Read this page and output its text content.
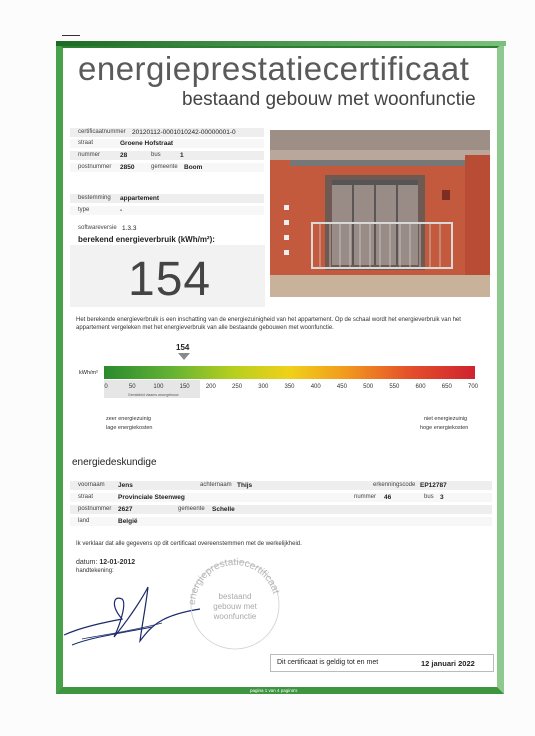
energieprestatiecertificaat
bestaand gebouw met woonfunctie
certificaatnummer 20120112-0001010242-00000001-0
straat	Groene Hofstraat
nummer	28	bus	1
postnummer 2850	gemeente Boom
bestemming appartement
type	-
softwareversie 1.3.3
berekend energieverbruik (kWh/m²):
154
Het berekende energieverbruik is een inschatting van de energiezuinigheid van het appartement. Op de schaal wordt het energieverbruik van het appartement vergeleken met het energieverbruik van alle bestaande gebouwen met woonfunctie.
154
kWh/m²
0	50	100	150	200	250	300	350	400	450	500	550	600	650	700
Gemiddeld vlaams woongebouw
zeer energiezuinig
lage energiekosten
niet energiezuinig
hoge energiekosten
energiedeskundige
voornaam Jens	achternaam Thijs	erkenningscode EP12787
straat	Provinciale Steenweg	nummer 46	bus 3
postnummer 2627	gemeente Schelle
land	België
Ik verklaar dat alle gegevens op dit certificaat overeenstemmen met de werkelijkheid.
datum: 12-01-2012
handtekening:
energieprestatiecertificaat
bestaand
gebouw met
woonfunctie
Dit certificaat is geldig tot en met	12 januari 2022
pagina 1 van 4 pagina's
